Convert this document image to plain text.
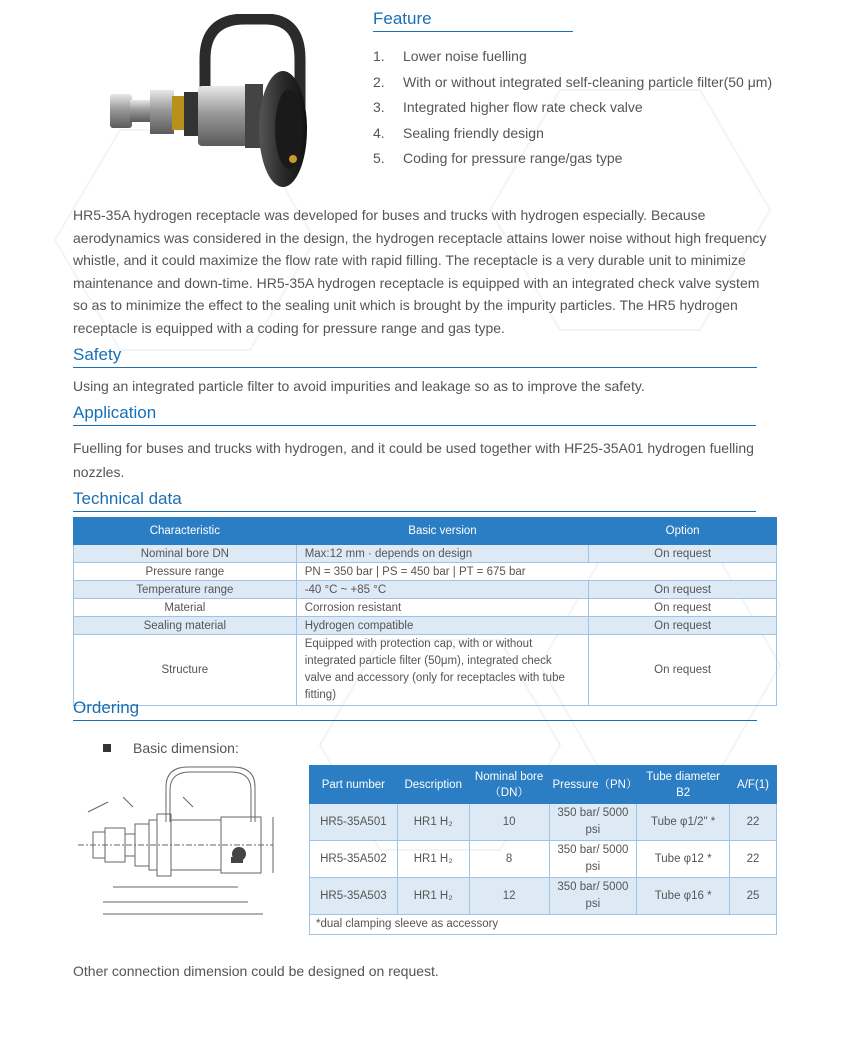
Feature
1.	Lower noise fuelling
2.	With or without integrated self-cleaning particle filter(50 μm)
3.	Integrated higher flow rate check valve
4.	Sealing friendly design
5.	Coding for pressure range/gas type

HR5-35A hydrogen receptacle was developed for buses and trucks with hydrogen especially. Because aerodynamics was considered in the design, the hydrogen receptacle attains lower noise without high frequency whistle, and it could maximize the flow rate with rapid filling. The receptacle is a very durable unit to minimize maintenance and down-time. HR5-35A hydrogen receptacle is equipped with an integrated check valve system so as to minimize the effect to the sealing unit which is brought by the impurity particles. The HR5 hydrogen receptacle is equipped with a coding for pressure range and gas type.

Safety

Using an integrated particle filter to avoid impurities and leakage so as to improve the safety.

Application

Fuelling for buses and trucks with hydrogen, and it could be used together with HF25-35A01 hydrogen fuelling nozzles.

Technical data
Characteristic	Basic version	Option
Nominal bore DN	Max:12 mm · depends on design	On request
Pressure range	PN = 350 bar | PS = 450 bar | PT = 675 bar	
Temperature range	-40 °C ~ +85 °C	On request
Material	Corrosion resistant	On request
Sealing material	Hydrogen compatible	On request
Structure	Equipped with protection cap, with or without integrated particle filter (50μm), integrated check valve and accessory (only for receptacles with tube fitting)	On request
Ordering
Basic dimension:
Part number	Description	Nominal bore（DN）	Pressure（PN）	Tube diameter B2	A/F(1)
HR5-35A501	HR1 H₂	10	350 bar/ 5000 psi	Tube φ1/2" *	22
HR5-35A502	HR1 H₂	8	350 bar/ 5000 psi	Tube φ12 *	22
HR5-35A503	HR1 H₂	12	350 bar/ 5000 psi	Tube φ16 *	25
*dual clamping sleeve as accessory					

Other connection dimension could be designed on request.
